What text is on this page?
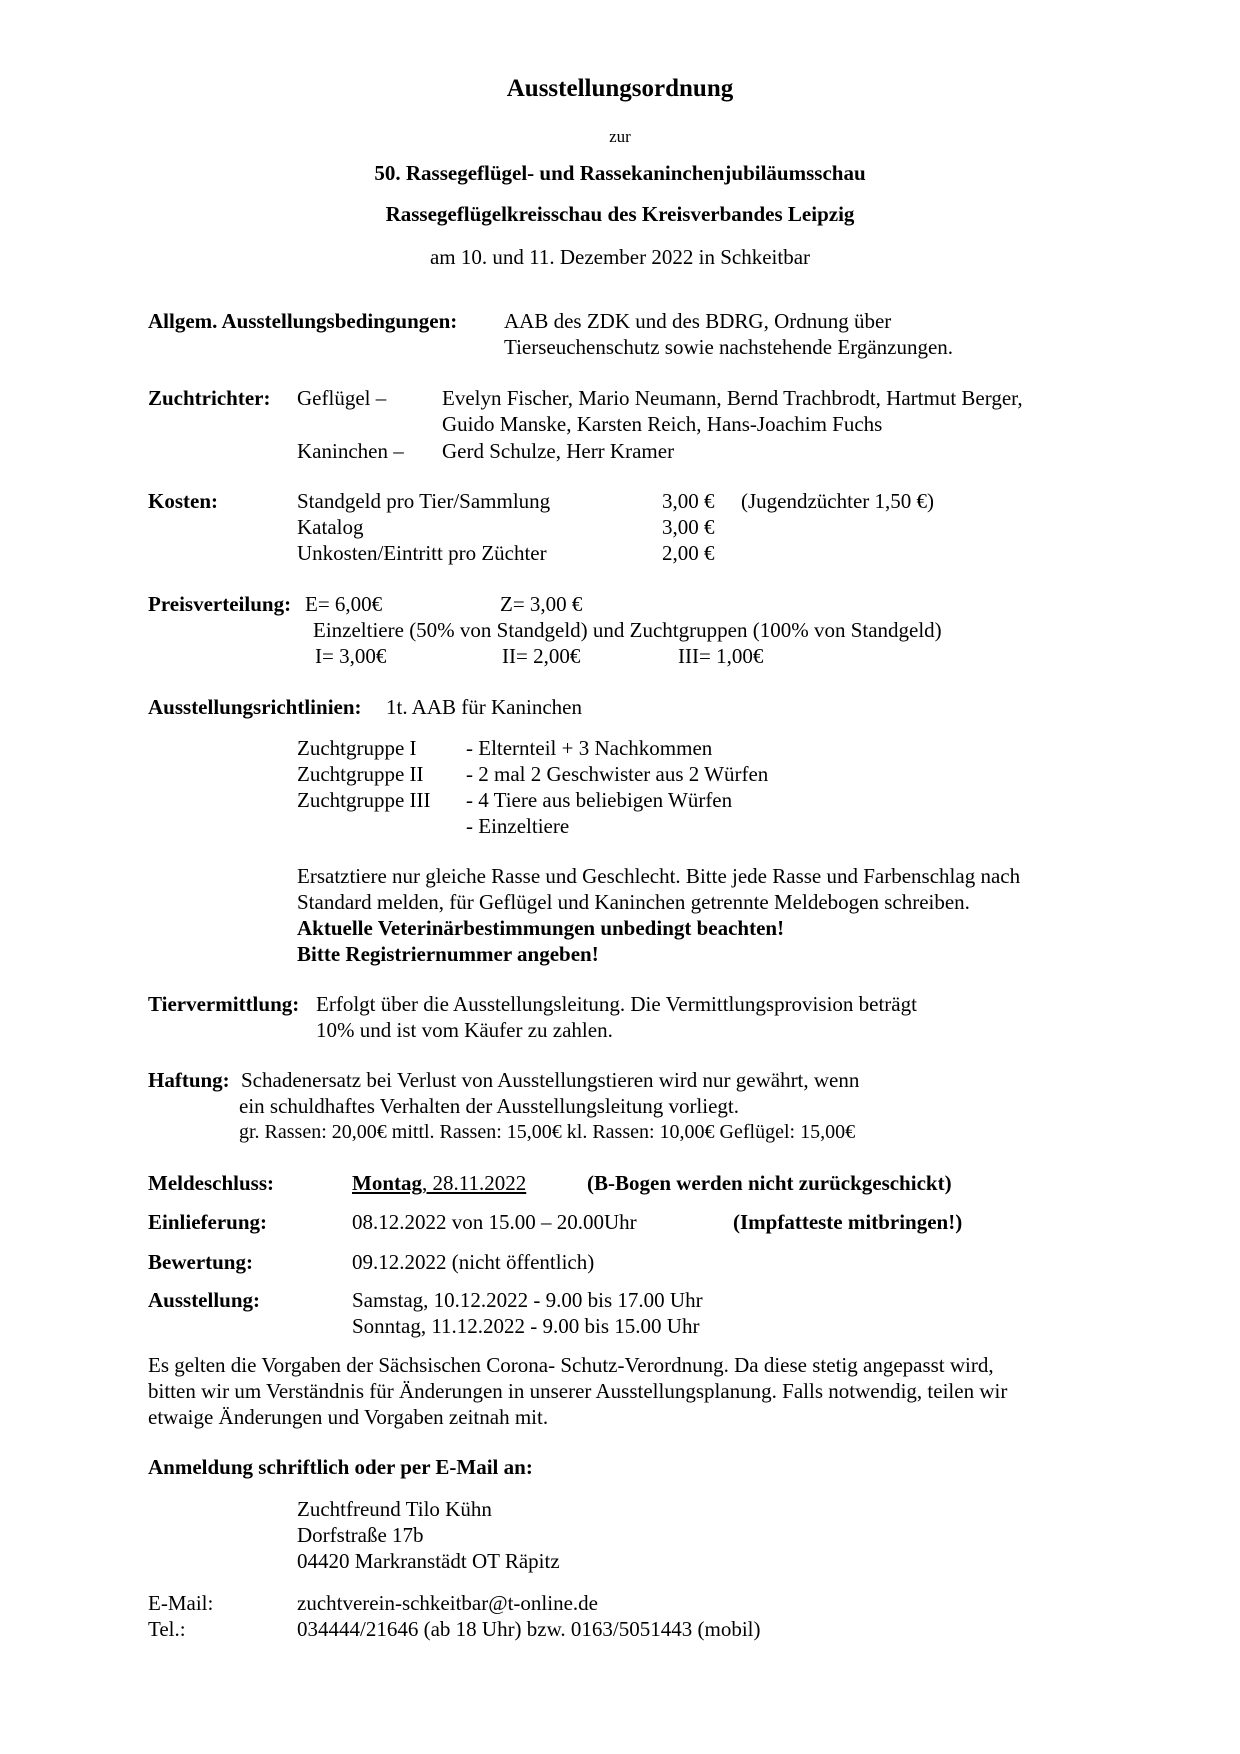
Ausstellungsordnung
zur
50. Rassegeflügel- und Rassekaninchenjubiläumsschau
Rassegeflügelkreisschau des Kreisverbandes Leipzig
am 10. und 11. Dezember 2022 in Schkeitbar
Allgem. Ausstellungsbedingungen: AAB des ZDK und des BDRG, Ordnung über
Tierseuchenschutz sowie nachstehende Ergänzungen.
Zuchtrichter: Geflügel –	Evelyn Fischer, Mario Neumann, Bernd Trachbrodt, Hartmut Berger,
Guido Manske, Karsten Reich, Hans-Joachim Fuchs
Kaninchen – Gerd Schulze, Herr Kramer
Kosten:	Standgeld pro Tier/Sammlung	3,00 € (Jugendzüchter 1,50 €)
Katalog	3,00 €
Unkosten/Eintritt pro Züchter	2,00 €
Preisverteilung: E= 6,00€	Z= 3,00 €
Einzeltiere (50% von Standgeld) und Zuchtgruppen (100% von Standgeld)
I= 3,00€	II= 2,00€	III= 1,00€
Ausstellungsrichtlinien: 1t. AAB für Kaninchen
Zuchtgruppe I - Elternteil + 3 Nachkommen
Zuchtgruppe II - 2 mal 2 Geschwister aus 2 Würfen
Zuchtgruppe III - 4 Tiere aus beliebigen Würfen
- Einzeltiere
Ersatztiere nur gleiche Rasse und Geschlecht. Bitte jede Rasse und Farbenschlag nach
Standard melden, für Geflügel und Kaninchen getrennte Meldebogen schreiben.
Aktuelle Veterinärbestimmungen unbedingt beachten!
Bitte Registriernummer angeben!
Tiervermittlung: Erfolgt über die Ausstellungsleitung. Die Vermittlungsprovision beträgt
10% und ist vom Käufer zu zahlen.
Haftung: Schadenersatz bei Verlust von Ausstellungstieren wird nur gewährt, wenn
ein schuldhaftes Verhalten der Ausstellungsleitung vorliegt.
gr. Rassen: 20,00€ mittl. Rassen: 15,00€ kl. Rassen: 10,00€ Geflügel: 15,00€
Meldeschluss:	Montag, 28.11.2022	(B-Bogen werden nicht zurückgeschickt)
Einlieferung:	08.12.2022 von 15.00 – 20.00Uhr	(Impfatteste mitbringen!)
Bewertung:	09.12.2022 (nicht öffentlich)
Ausstellung:	Samstag, 10.12.2022 - 9.00 bis 17.00 Uhr
Sonntag, 11.12.2022 - 9.00 bis 15.00 Uhr
Es gelten die Vorgaben der Sächsischen Corona- Schutz-Verordnung. Da diese stetig angepasst wird,
bitten wir um Verständnis für Änderungen in unserer Ausstellungsplanung. Falls notwendig, teilen wir
etwaige Änderungen und Vorgaben zeitnah mit.
Anmeldung schriftlich oder per E-Mail an:
Zuchtfreund Tilo Kühn
Dorfstraße 17b
04420 Markranstädt OT Räpitz
E-Mail:	zuchtverein-schkeitbar@t-online.de
Tel.:	034444/21646 (ab 18 Uhr) bzw. 0163/5051443 (mobil)
